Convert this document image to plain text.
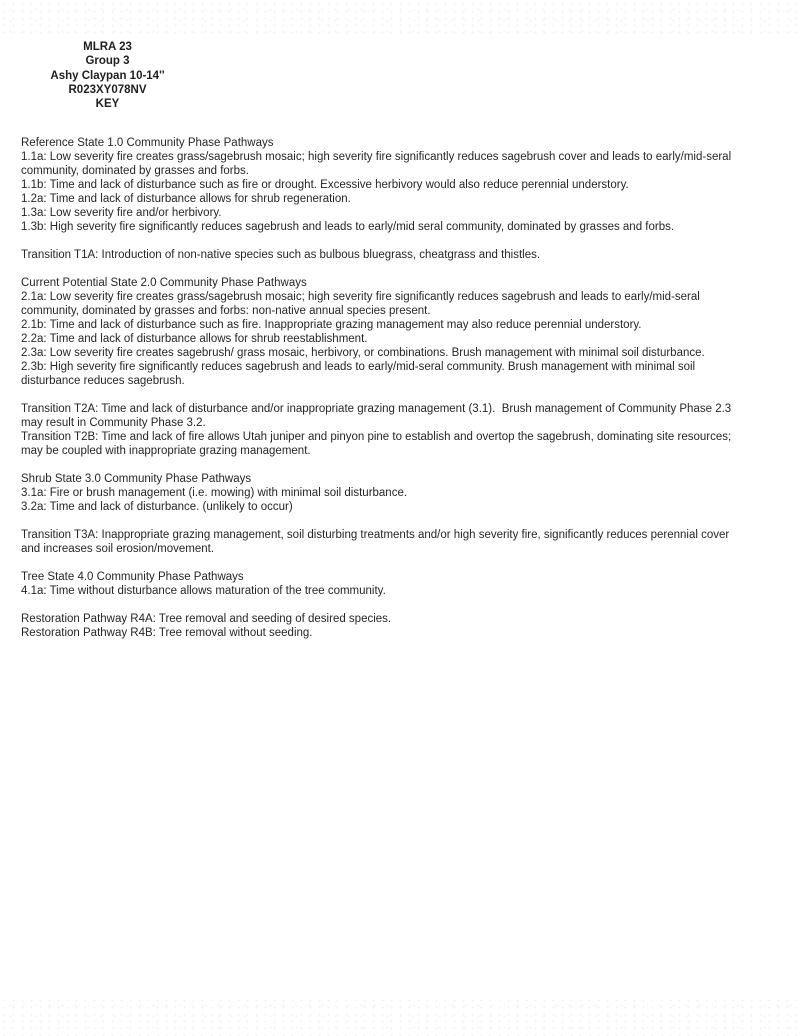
MLRA 23
Group 3
Ashy Claypan 10-14''
R023XY078NV
KEY
Reference State 1.0 Community Phase Pathways
1.1a: Low severity fire creates grass/sagebrush mosaic; high severity fire significantly reduces sagebrush cover and leads to early/mid-seral
community, dominated by grasses and forbs.
1.1b: Time and lack of disturbance such as fire or drought. Excessive herbivory would also reduce perennial understory.
1.2a: Time and lack of disturbance allows for shrub regeneration.
1.3a: Low severity fire and/or herbivory.
1.3b: High severity fire significantly reduces sagebrush and leads to early/mid seral community, dominated by grasses and forbs.
Transition T1A: Introduction of non-native species such as bulbous bluegrass, cheatgrass and thistles.
Current Potential State 2.0 Community Phase Pathways
2.1a: Low severity fire creates grass/sagebrush mosaic; high severity fire significantly reduces sagebrush and leads to early/mid-seral
community, dominated by grasses and forbs: non-native annual species present.
2.1b: Time and lack of disturbance such as fire. Inappropriate grazing management may also reduce perennial understory.
2.2a: Time and lack of disturbance allows for shrub reestablishment.
2.3a: Low severity fire creates sagebrush/ grass mosaic, herbivory, or combinations. Brush management with minimal soil disturbance.
2.3b: High severity fire significantly reduces sagebrush and leads to early/mid-seral community. Brush management with minimal soil
disturbance reduces sagebrush.
Transition T2A: Time and lack of disturbance and/or inappropriate grazing management (3.1).  Brush management of Community Phase 2.3
may result in Community Phase 3.2.
Transition T2B: Time and lack of fire allows Utah juniper and pinyon pine to establish and overtop the sagebrush, dominating site resources;
may be coupled with inappropriate grazing management.
Shrub State 3.0 Community Phase Pathways
3.1a: Fire or brush management (i.e. mowing) with minimal soil disturbance.
3.2a: Time and lack of disturbance. (unlikely to occur)
Transition T3A: Inappropriate grazing management, soil disturbing treatments and/or high severity fire, significantly reduces perennial cover
and increases soil erosion/movement.
Tree State 4.0 Community Phase Pathways
4.1a: Time without disturbance allows maturation of the tree community.
Restoration Pathway R4A: Tree removal and seeding of desired species.
Restoration Pathway R4B: Tree removal without seeding.
